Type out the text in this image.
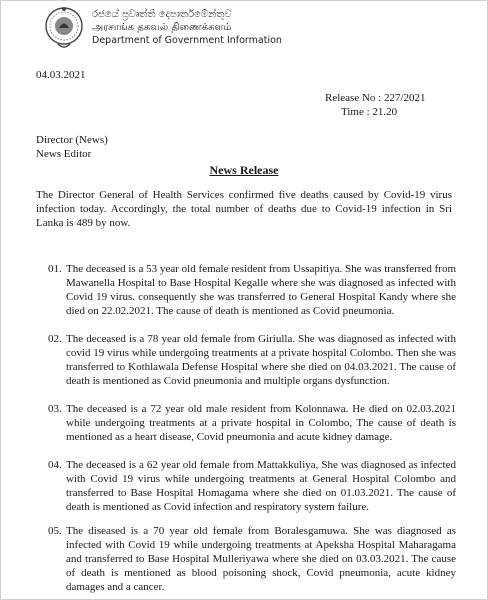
රජයේ ප්‍රවෘත්ති දෙපාර්තමේන්තුව
அரசாங்க தகவல் திணைக்களம்
Department of Government Information
04.03.2021
Release No : 227/2021
Time : 21.20
Director (News)
News Editor
News Release
The Director General of Health Services confirmed five deaths caused by Covid-19 virus infection today. Accordingly, the total number of deaths due to Covid-19 infection in Sri Lanka is 489 by now.
01. The deceased is a 53 year old female resident from Ussapitiya. She was transferred from Mawanella Hospital to Base Hospital Kegalle where she was diagnosed as infected with Covid 19 virus. consequently she was transferred to General Hospital Kandy where she died on 22.02.2021. The cause of death is mentioned as Covid pneumonia.
02. The deceased is a 78 year old female from Giriulla. She was diagnosed as infected with covid 19 virus while undergoing treatments at a private hospital Colombo. Then she was transferred to Kothlawala Defense Hospital where she died on 04.03.2021. The cause of death is mentioned as Covid pneumonia and multiple organs dysfunction.
03. The deceased is a 72 year old male resident from Kolonnawa. He died on 02.03.2021 while undergoing treatments at a private hospital in Colombo, The cause of death is mentioned as a heart disease, Covid pneumonia and acute kidney damage.
04. The deceased is a 62 year old female from Mattakkuliya, She was diagnosed as infected with Covid 19 virus while undergoing treatments at General Hospital Colombo and transferred to Base Hospital Homagama where she died on 01.03.2021. The cause of death is mentioned as Covid infection and respiratory system failure.
05. The diseased is a 70 year old female from Boralesgamuwa. She was diagnosed as infected with Covid 19 while undergoing treatments at Apeksha Hospital Maharagama and transferred to Base Hospital Mulleriyawa where she died on 03.03.2021. The cause of death is mentioned as blood poisoning shock, Covid pneumonia, acute kidney damages and a cancer.
